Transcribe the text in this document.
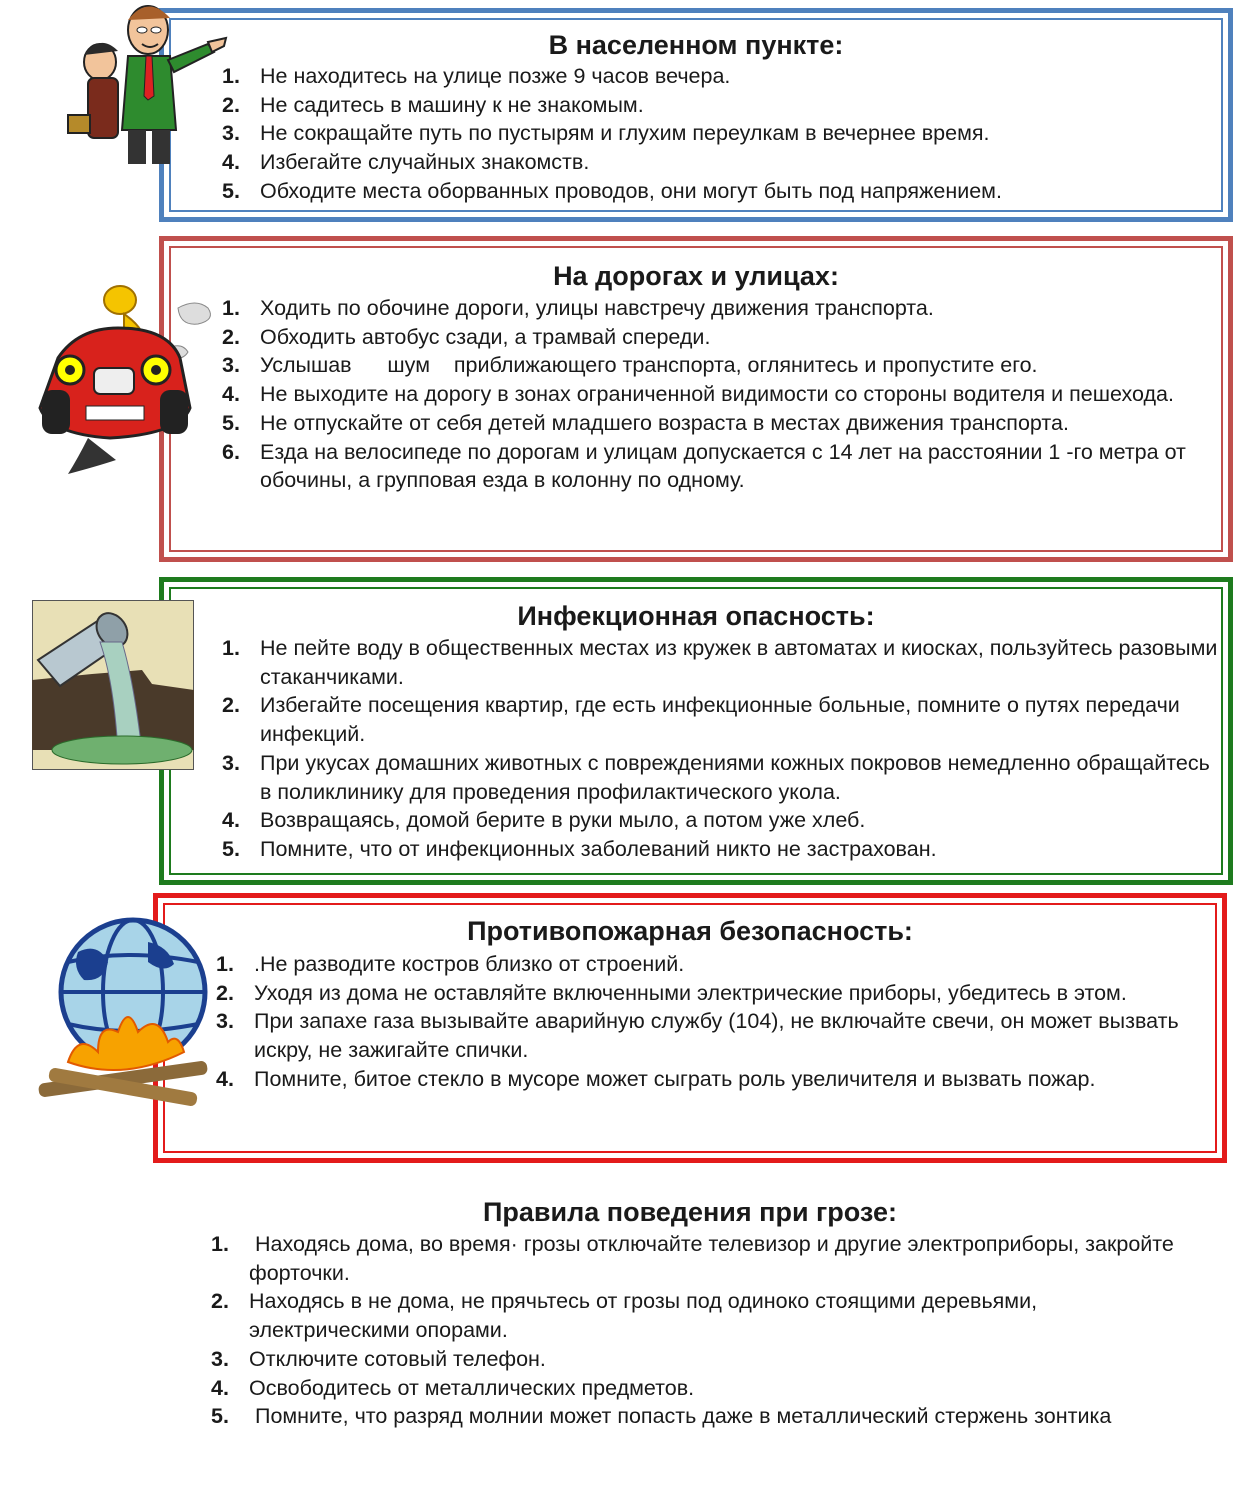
В населенном пункте:
1. Не находитесь на улице позже 9 часов вечера.
2. Не садитесь в машину к не знакомым.
3. Не сокращайте путь по пустырям и глухим переулкам в вечернее время.
4. Избегайте случайных знакомств.
5. Обходите места оборванных проводов, они могут быть под напряжением.
На дорогах и улицах:
1. Ходить по обочине дороги, улицы навстречу движения транспорта.
2. Обходить автобус сзади, а трамвай спереди.
3. Услышав      шум    приближающего транспорта, оглянитесь и пропустите его.
4. Не выходите на дорогу в зонах ограниченной видимости со стороны водителя и пешехода.
5. Не отпускайте от себя детей младшего возраста в местах движения транспорта.
6. Езда на велосипеде по дорогам и улицам допускается с 14 лет на расстоянии 1 -го метра от обочины, а групповая езда в колонну по одному.
Инфекционная опасность:
1. Не пейте воду в общественных местах из кружек в автоматах и киосках, пользуйтесь разовыми стаканчиками.
2. Избегайте посещения квартир, где есть инфекционные больные, помните о путях передачи инфекций.
3. При укусах домашних животных с повреждениями кожных покровов немедленно обращайтесь в поликлинику для проведения профилактического укола.
4. Возвращаясь, домой берите в руки мыло, а потом уже хлеб.
5. Помните, что от инфекционных заболеваний никто не застрахован.
Противопожарная безопасность:
1. .Не разводите костров близко от строений.
2. Уходя из дома не оставляйте включенными электрические приборы, убедитесь в этом.
3. При запахе газа вызывайте аварийную службу (104), не включайте свечи, он может вызвать искру, не зажигайте спички.
4. Помните, битое стекло в мусоре может сыграть роль увеличителя и вызвать пожар.
Правила поведения при грозе:
1. Находясь дома, во время· грозы отключайте телевизор и другие электроприборы, закройте форточки.
2. Находясь в не дома, не прячьтесь от грозы под одиноко стоящими деревьями, электрическими опорами.
3. Отключите сотовый телефон.
4. Освободитесь от металлических предметов.
5. Помните, что разряд молнии может попасть даже в металлический стержень зонтика
